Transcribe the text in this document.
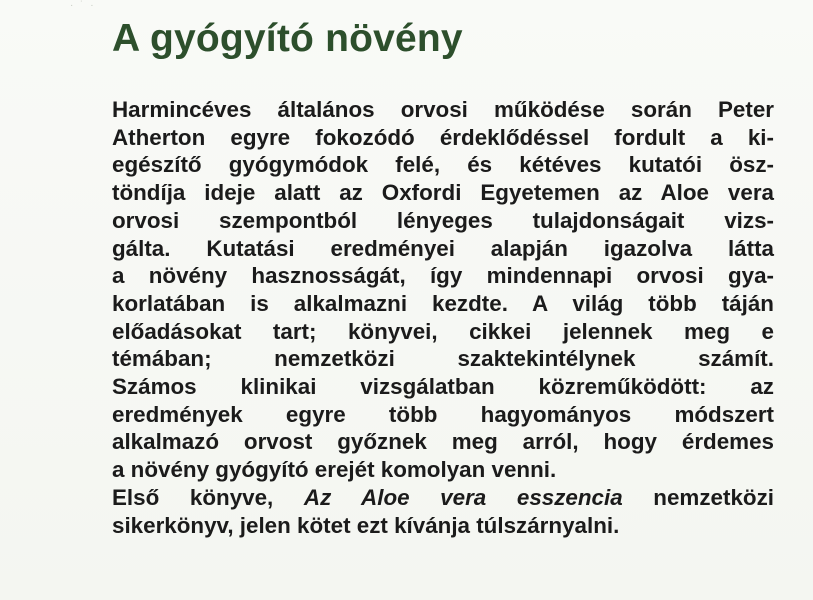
· ˙ ·
A gyógyító növény
Harmincéves általános orvosi működése során Peter
Atherton egyre fokozódó érdeklődéssel fordult a ki-
egészítő gyógymódok felé, és kétéves kutatói ösz-
töndíja ideje alatt az Oxfordi Egyetemen az Aloe vera
orvosi szempontból lényeges tulajdonságait vizs-
gálta. Kutatási eredményei alapján igazolva látta
a növény hasznosságát, így mindennapi orvosi gya-
korlatában is alkalmazni kezdte. A világ több táján
előadásokat tart; könyvei, cikkei jelennek meg e
témában; nemzetközi szaktekintélynek számít.
Számos klinikai vizsgálatban közreműködött: az
eredmények egyre több hagyományos módszert
alkalmazó orvost győznek meg arról, hogy érdemes
a növény gyógyító erejét komolyan venni.
Első könyve, Az Aloe vera esszencia nemzetközi
sikerkönyv, jelen kötet ezt kívánja túlszárnyalni.
